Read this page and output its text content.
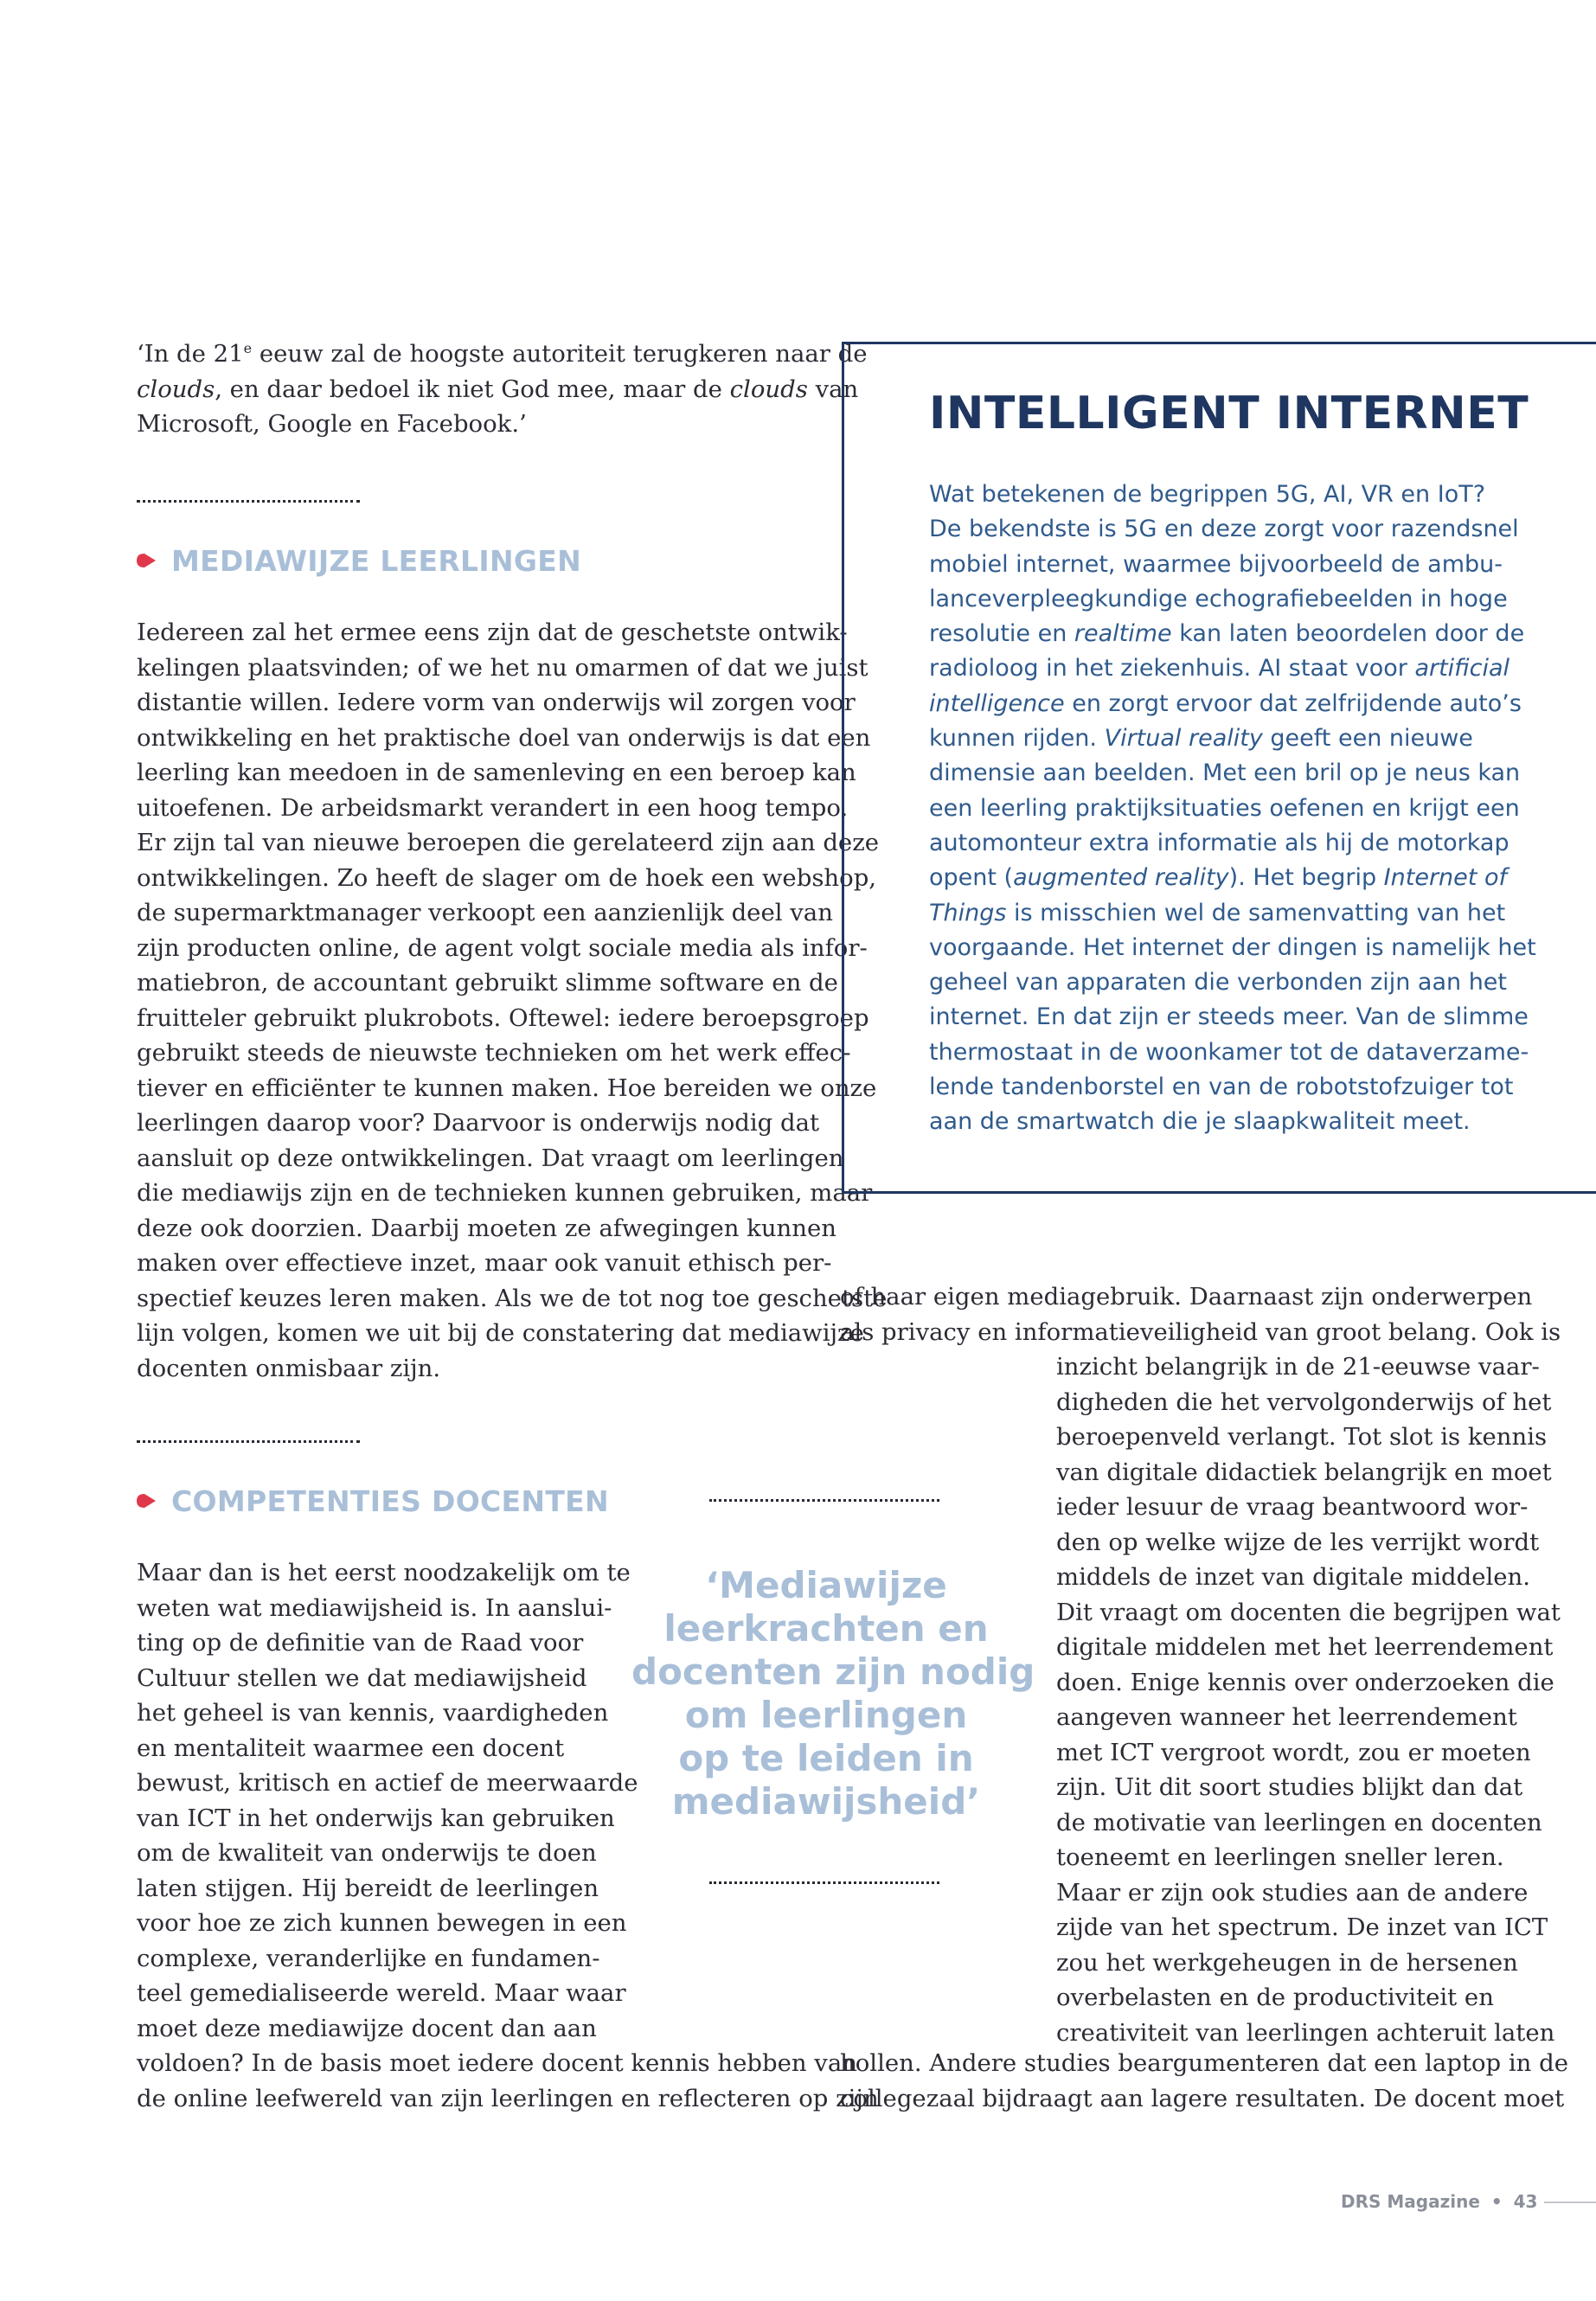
‘In de 21e eeuw zal de hoogste autoriteit terugkeren naar de
clouds, en daar bedoel ik niet God mee, maar de clouds van
Microsoft, Google en Facebook.’
MEDIAWIJZE LEERLINGEN
Iedereen zal het ermee eens zijn dat de geschetste ontwik-
kelingen plaatsvinden; of we het nu omarmen of dat we juist
distantie willen. Iedere vorm van onderwijs wil zorgen voor
ontwikkeling en het praktische doel van onderwijs is dat een
leerling kan meedoen in de samenleving en een beroep kan
uitoefenen. De arbeidsmarkt verandert in een hoog tempo.
Er zijn tal van nieuwe beroepen die gerelateerd zijn aan deze
ontwikkelingen. Zo heeft de slager om de hoek een webshop,
de supermarktmanager verkoopt een aanzienlijk deel van
zijn producten online, de agent volgt sociale media als infor-
matiebron, de accountant gebruikt slimme software en de
fruitteler gebruikt plukrobots. Oftewel: iedere beroepsgroep
gebruikt steeds de nieuwste technieken om het werk effec-
tiever en efficiënter te kunnen maken. Hoe bereiden we onze
leerlingen daarop voor? Daarvoor is onderwijs nodig dat
aansluit op deze ontwikkelingen. Dat vraagt om leerlingen
die mediawijs zijn en de technieken kunnen gebruiken, maar
deze ook doorzien. Daarbij moeten ze afwegingen kunnen
maken over effectieve inzet, maar ook vanuit ethisch per-
spectief keuzes leren maken. Als we de tot nog toe geschetste
lijn volgen, komen we uit bij de constatering dat mediawijze
docenten onmisbaar zijn.
COMPETENTIES DOCENTEN
Maar dan is het eerst noodzakelijk om te
weten wat mediawijsheid is. In aanslui-
ting op de definitie van de Raad voor
Cultuur stellen we dat mediawijsheid
het geheel is van kennis, vaardigheden
en mentaliteit waarmee een docent
bewust, kritisch en actief de meerwaarde
van ICT in het onderwijs kan gebruiken
om de kwaliteit van onderwijs te doen
laten stijgen. Hij bereidt de leerlingen
voor hoe ze zich kunnen bewegen in een
complexe, veranderlijke en fundamen-
teel gemedialiseerde wereld. Maar waar
moet deze mediawijze docent dan aan
voldoen? In de basis moet iedere docent kennis hebben van
de online leefwereld van zijn leerlingen en reflecteren op zijn
INTELLIGENT INTERNET
Wat betekenen de begrippen 5G, AI, VR en IoT?
De bekendste is 5G en deze zorgt voor razendsnel
mobiel internet, waarmee bijvoorbeeld de ambu-
lanceverpleegkundige echografiebeelden in hoge
resolutie en realtime kan laten beoordelen door de
radioloog in het ziekenhuis. AI staat voor artificial
intelligence en zorgt ervoor dat zelfrijdende auto’s
kunnen rijden. Virtual reality geeft een nieuwe
dimensie aan beelden. Met een bril op je neus kan
een leerling praktijksituaties oefenen en krijgt een
automonteur extra informatie als hij de motorkap
opent (augmented reality). Het begrip Internet of
Things is misschien wel de samenvatting van het
voorgaande. Het internet der dingen is namelijk het
geheel van apparaten die verbonden zijn aan het
internet. En dat zijn er steeds meer. Van de slimme
thermostaat in de woonkamer tot de dataverzame-
lende tandenborstel en van de robotstofzuiger tot
aan de smartwatch die je slaapkwaliteit meet.
of haar eigen mediagebruik. Daarnaast zijn onderwerpen
als privacy en informatieveiligheid van groot belang. Ook is
inzicht belangrijk in de 21-eeuwse vaar-
digheden die het vervolgonderwijs of het
beroepenveld verlangt. Tot slot is kennis
van digitale didactiek belangrijk en moet
ieder lesuur de vraag beantwoord wor-
den op welke wijze de les verrijkt wordt
middels de inzet van digitale middelen.
Dit vraagt om docenten die begrijpen wat
digitale middelen met het leerrendement
doen. Enige kennis over onderzoeken die
aangeven wanneer het leerrendement
met ICT vergroot wordt, zou er moeten
zijn. Uit dit soort studies blijkt dan dat
de motivatie van leerlingen en docenten
toeneemt en leerlingen sneller leren.
Maar er zijn ook studies aan de andere
zijde van het spectrum. De inzet van ICT
zou het werkgeheugen in de hersenen
overbelasten en de productiviteit en
creativiteit van leerlingen achteruit laten
hollen. Andere studies beargumenteren dat een laptop in de
collegezaal bijdraagt aan lagere resultaten. De docent moet
‘Mediawijze
leerkrachten en
docenten zijn nodig
om leerlingen
op te leiden in
mediawijsheid’
DRS Magazine • 43
